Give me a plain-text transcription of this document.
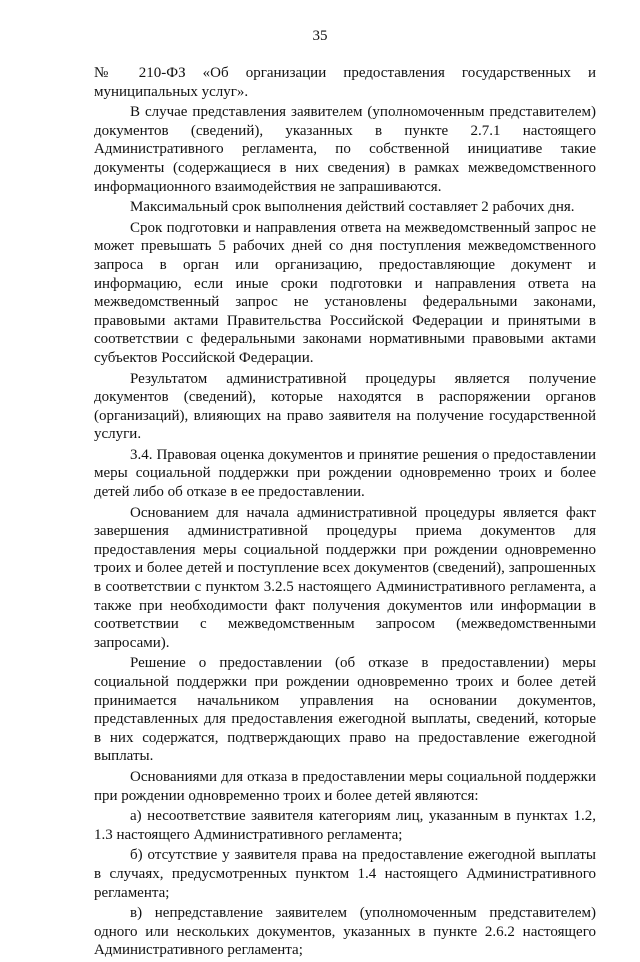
35

№ 210-ФЗ «Об организации предоставления государственных и муниципальных услуг».

В случае представления заявителем (уполномоченным представителем) документов (сведений), указанных в пункте 2.7.1 настоящего Административного регламента, по собственной инициативе такие документы (содержащиеся в них сведения) в рамках межведомственного информационного взаимодействия не запрашиваются.

Максимальный срок выполнения действий составляет 2 рабочих дня.

Срок подготовки и направления ответа на межведомственный запрос не может превышать 5 рабочих дней со дня поступления межведомственного запроса в орган или организацию, предоставляющие документ и информацию, если иные сроки подготовки и направления ответа на межведомственный запрос не установлены федеральными законами, правовыми актами Правительства Российской Федерации и принятыми в соответствии с федеральными законами нормативными правовыми актами субъектов Российской Федерации.

Результатом административной процедуры является получение документов (сведений), которые находятся в распоряжении органов (организаций), влияющих на право заявителя на получение государственной услуги.

3.4. Правовая оценка документов и принятие решения о предоставлении меры социальной поддержки при рождении одновременно троих и более детей либо об отказе в ее предоставлении.

Основанием для начала административной процедуры является факт завершения административной процедуры приема документов для предоставления меры социальной поддержки при рождении одновременно троих и более детей и поступление всех документов (сведений), запрошенных в соответствии с пунктом 3.2.5 настоящего Административного регламента, а также при необходимости факт получения документов или информации в соответствии с межведомственным запросом (межведомственными запросами).

Решение о предоставлении (об отказе в предоставлении) меры социальной поддержки при рождении одновременно троих и более детей принимается начальником управления на основании документов, представленных для предоставления ежегодной выплаты, сведений, которые в них содержатся, подтверждающих право на предоставление ежегодной выплаты.

Основаниями для отказа в предоставлении меры социальной поддержки при рождении одновременно троих и более детей являются:

а) несоответствие заявителя категориям лиц, указанным в пунктах 1.2, 1.3 настоящего Административного регламента;

б) отсутствие у заявителя права на предоставление ежегодной выплаты в случаях, предусмотренных пунктом 1.4 настоящего Административного регламента;

в) непредставление заявителем (уполномоченным представителем) одного или нескольких документов, указанных в пункте 2.6.2 настоящего Административного регламента;
